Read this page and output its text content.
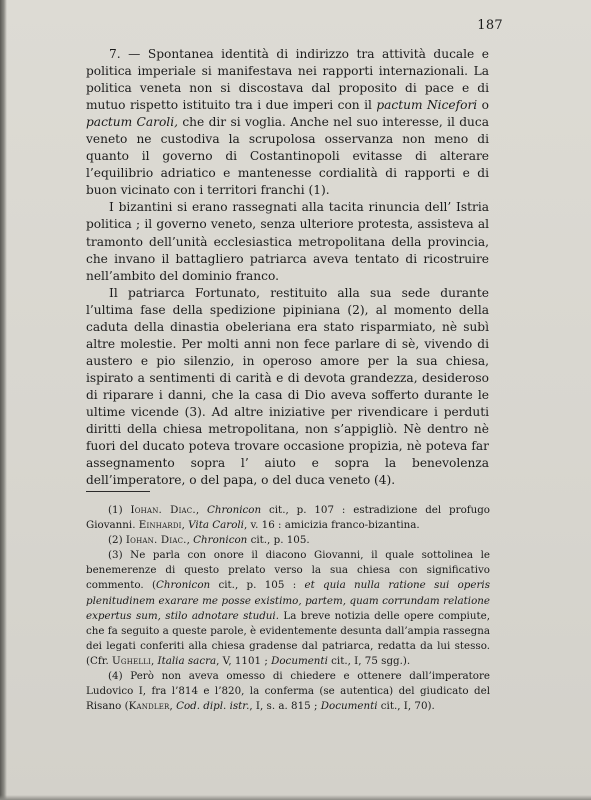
187

7. — Spontanea identità di indirizzo tra attività ducale e politica imperiale si manifestava nei rapporti internazionali. La politica veneta non si discostava dal proposito di pace e di mutuo rispetto istituito tra i due imperi con il pactum Nicefori o pactum Caroli, che dir si voglia. Anche nel suo interesse, il duca veneto ne custodiva la scrupolosa osservanza non meno di quanto il governo di Costantinopoli evitasse di alterare l’equilibrio adriatico e mantenesse cordialità di rapporti e di buon vicinato con i territori franchi (1).

I bizantini si erano rassegnati alla tacita rinuncia dell’ Istria politica ; il governo veneto, senza ulteriore protesta, assisteva al tramonto dell’unità ecclesiastica metropolitana della provincia, che invano il battagliero patriarca aveva tentato di ricostruire nell’ambito del dominio franco.

Il patriarca Fortunato, restituito alla sua sede durante l’ultima fase della spedizione pipiniana (2), al momento della caduta della dinastia obeleriana era stato risparmiato, nè subì altre molestie. Per molti anni non fece parlare di sè, vivendo di austero e pio silenzio, in operoso amore per la sua chiesa, ispirato a sentimenti di carità e di devota grandezza, desideroso di riparare i danni, che la casa di Dio aveva sofferto durante le ultime vicende (3). Ad altre iniziative per rivendicare i perduti diritti della chiesa metropolitana, non s’appigliò. Nè dentro nè fuori del ducato poteva trovare occasione propizia, nè poteva far assegnamento sopra l’ aiuto e sopra la benevolenza dell’imperatore, o del papa, o del duca veneto (4).

(1) Iohan. Diac., Chronicon cit., p. 107 : estradizione del profugo Giovanni. Einhardi, Vita Caroli, v. 16 : amicizia franco-bizantina.

(2) Iohan. Diac., Chronicon cit., p. 105.

(3) Ne parla con onore il diacono Giovanni, il quale sottolinea le benemerenze di questo prelato verso la sua chiesa con significativo commento. (Chronicon cit., p. 105 : et quia nulla ratione sui operis plenitudinem exarare me posse existimo, partem, quam corrundam relatione expertus sum, stilo adnotare studui. La breve notizia delle opere compiute, che fa seguito a queste parole, è evidentemente desunta dall’ampia rassegna dei legati conferiti alla chiesa gradense dal patriarca, redatta da lui stesso. (Cfr. Ughelli, Italia sacra, V, 1101 ; Documenti cit., I, 75 sgg.).

(4) Però non aveva omesso di chiedere e ottenere dall’imperatore Ludovico I, fra l’814 e l’820, la conferma (se autentica) del giudicato del Risano (Kandler, Cod. dipl. istr., I, s. a. 815 ; Documenti cit., I, 70).
